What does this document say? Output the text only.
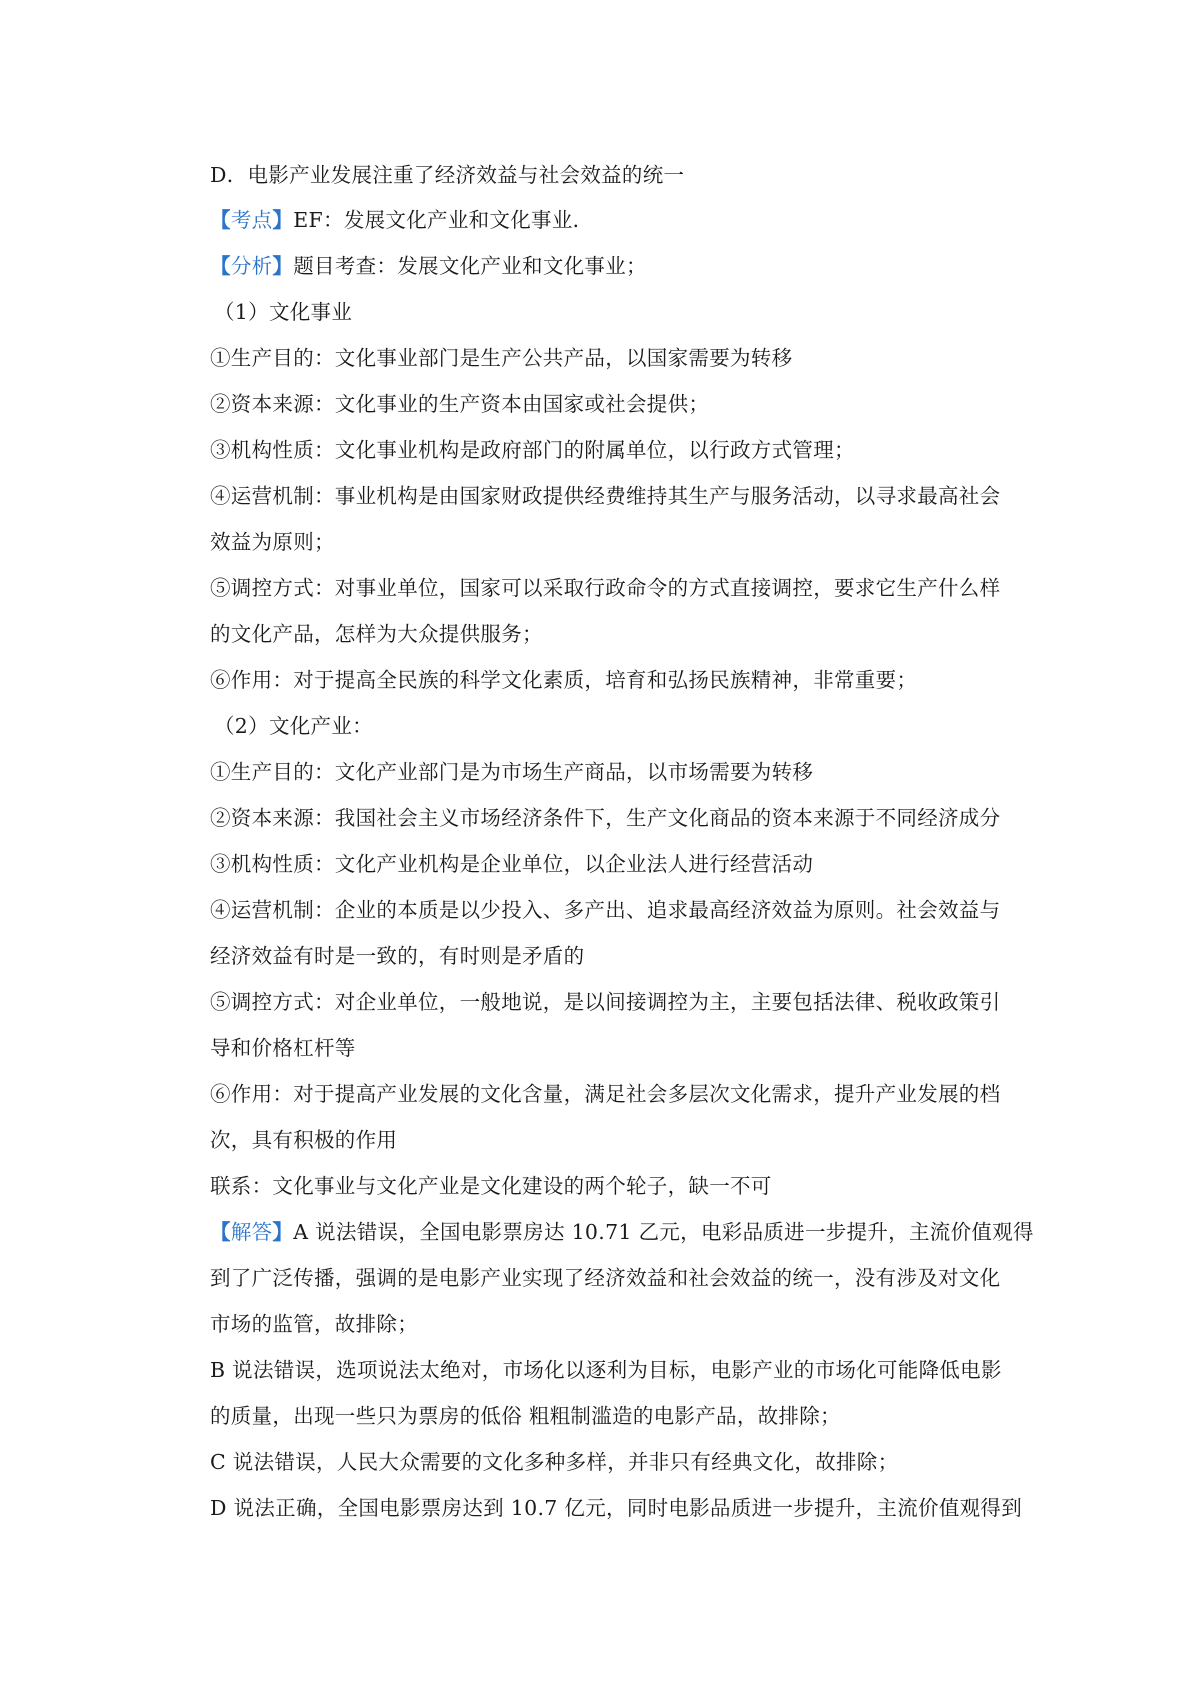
D．电影产业发展注重了经济效益与社会效益的统一
【考点】EF：发展文化产业和文化事业．
【分析】题目考查：发展文化产业和文化事业；
（1）文化事业
①生产目的：文化事业部门是生产公共产品，以国家需要为转移
②资本来源：文化事业的生产资本由国家或社会提供；
③机构性质：文化事业机构是政府部门的附属单位，以行政方式管理；
④运营机制：事业机构是由国家财政提供经费维持其生产与服务活动，以寻求最高社会
效益为原则；
⑤调控方式：对事业单位，国家可以采取行政命令的方式直接调控，要求它生产什么样
的文化产品，怎样为大众提供服务；
⑥作用：对于提高全民族的科学文化素质，培育和弘扬民族精神，非常重要；
（2）文化产业：
①生产目的：文化产业部门是为市场生产商品，以市场需要为转移
②资本来源：我国社会主义市场经济条件下，生产文化商品的资本来源于不同经济成分
③机构性质：文化产业机构是企业单位，以企业法人进行经营活动
④运营机制：企业的本质是以少投入、多产出、追求最高经济效益为原则。社会效益与
经济效益有时是一致的，有时则是矛盾的
⑤调控方式：对企业单位，一般地说，是以间接调控为主，主要包括法律、税收政策引
导和价格杠杆等
⑥作用：对于提高产业发展的文化含量，满足社会多层次文化需求，提升产业发展的档
次，具有积极的作用
联系：文化事业与文化产业是文化建设的两个轮子，缺一不可
【解答】A 说法错误，全国电影票房达 10.71 乙元，电彩品质进一步提升，主流价值观得
到了广泛传播，强调的是电影产业实现了经济效益和社会效益的统一，没有涉及对文化
市场的监管，故排除；
B 说法错误，选项说法太绝对，市场化以逐利为目标，电影产业的市场化可能降低电影
的质量，出现一些只为票房的低俗 粗粗制滥造的电影产品，故排除；
C 说法错误，人民大众需要的文化多种多样，并非只有经典文化，故排除；
D 说法正确，全国电影票房达到 10.7 亿元，同时电影品质进一步提升，主流价值观得到
